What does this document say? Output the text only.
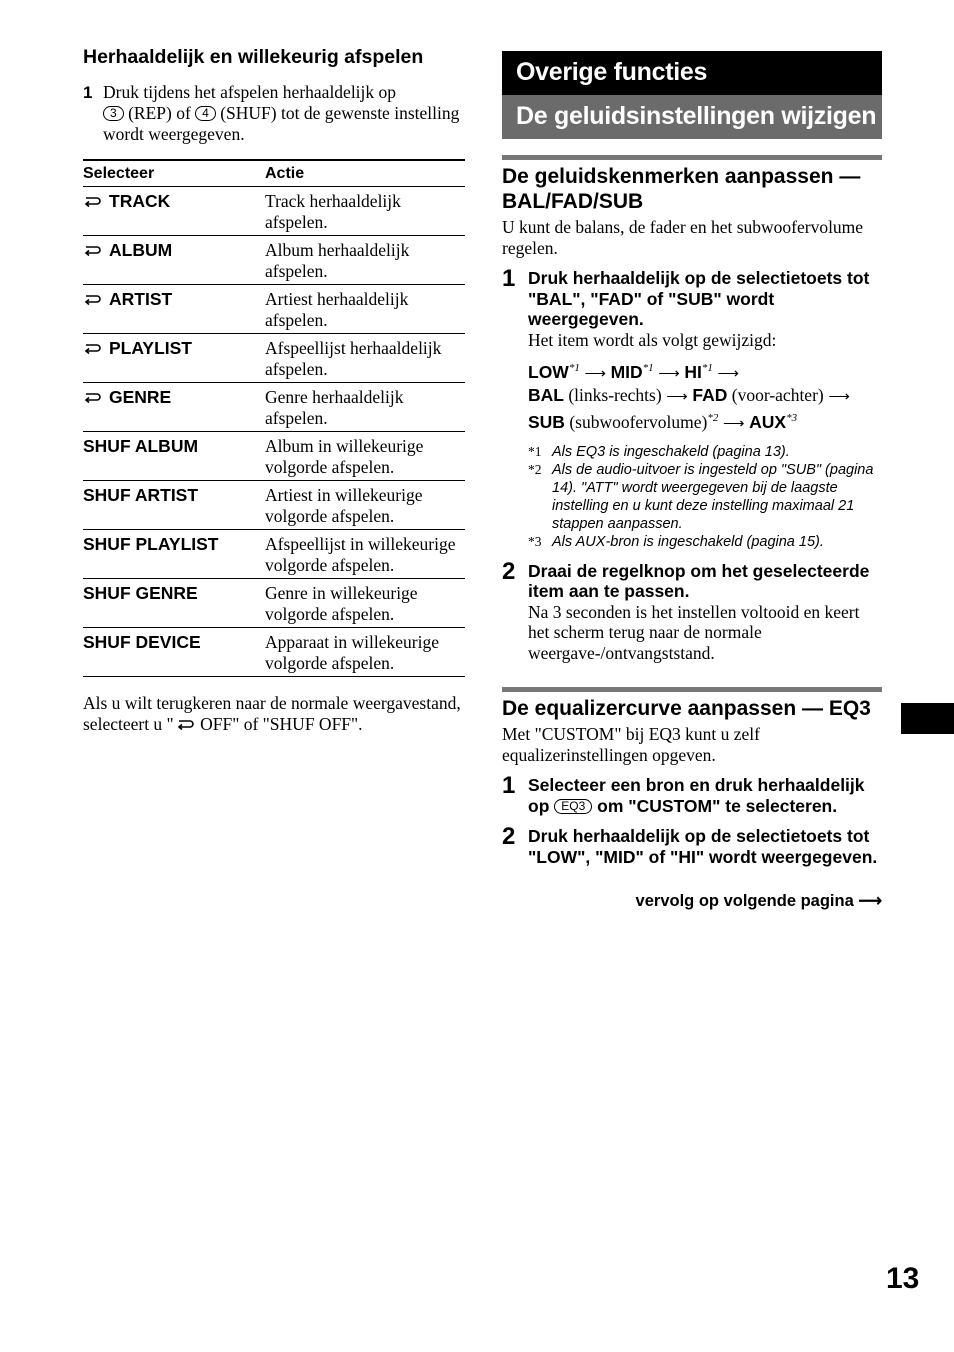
Herhaaldelijk en willekeurig afspelen
1 Druk tijdens het afspelen herhaaldelijk op
3 (REP) of 4 (SHUF) tot de gewenste instelling wordt weergegeven.
Selecteer	Actie
TRACK	Track herhaaldelijk afspelen.
ALBUM	Album herhaaldelijk afspelen.
ARTIST	Artiest herhaaldelijk afspelen.
PLAYLIST	Afspeellijst herhaaldelijk afspelen.
GENRE	Genre herhaaldelijk afspelen.
SHUF ALBUM	Album in willekeurige volgorde afspelen.
SHUF ARTIST	Artiest in willekeurige volgorde afspelen.
SHUF PLAYLIST	Afspeellijst in willekeurige volgorde afspelen.
SHUF GENRE	Genre in willekeurige volgorde afspelen.
SHUF DEVICE	Apparaat in willekeurige volgorde afspelen.
Als u wilt terugkeren naar de normale weergavestand, selecteert u " OFF" of "SHUF OFF".
Overige functies
De geluidsinstellingen wijzigen
De geluidskenmerken aanpassen — BAL/FAD/SUB

U kunt de balans, de fader en het subwoofervolume regelen.

1 Druk herhaaldelijk op de selectietoets tot "BAL", "FAD" of "SUB" wordt weergegeven.
Het item wordt als volgt gewijzigd:
LOW$^{*1}$ ⟶ MID$^{*1}$ ⟶ HI$^{*1}$ ⟶
BAL (links-rechts) ⟶ FAD (voor-achter) ⟶
SUB (subwoofervolume)$^{*2}$ ⟶ AUX$^{*3}$
*1 Als EQ3 is ingeschakeld (pagina 13).
*2 Als de audio-uitvoer is ingesteld op "SUB" (pagina 14). "ATT" wordt weergegeven bij de laagste instelling en u kunt deze instelling maximaal 21 stappen aanpassen.
*3 Als AUX-bron is ingeschakeld (pagina 15).
2 Draai de regelknop om het geselecteerde item aan te passen.
Na 3 seconden is het instellen voltooid en keert het scherm terug naar de normale weergave-/ontvangststand.
De equalizercurve aanpassen — EQ3

Met "CUSTOM" bij EQ3 kunt u zelf equalizerinstellingen opgeven.

1 Selecteer een bron en druk herhaaldelijk op EQ3 om "CUSTOM" te selecteren.
2 Druk herhaaldelijk op de selectietoets tot "LOW", "MID" of "HI" wordt weergegeven.
vervolg op volgende pagina ⟶
13
